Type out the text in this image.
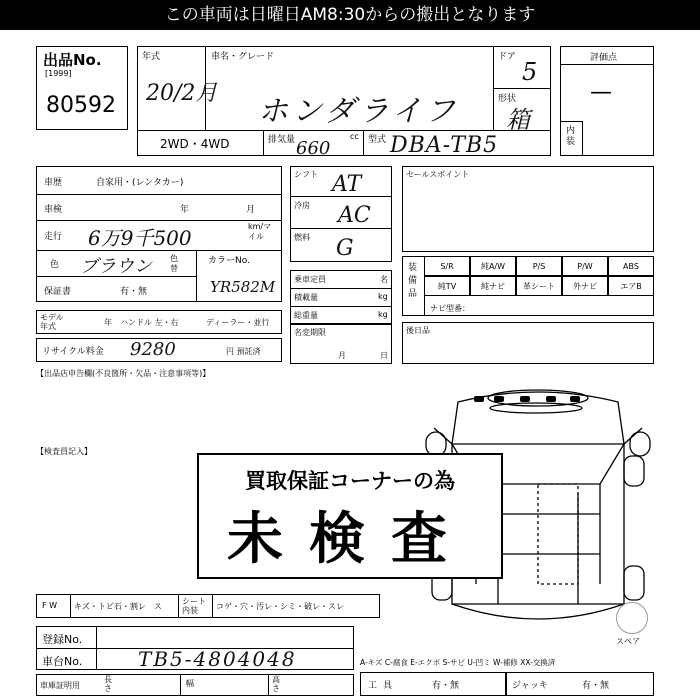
この車両は日曜日AM8:30からの搬出となります
出品No.
[1999]
80592
年式
20/2月
車名・グレード
ホンダライフ
ドア
5
形状
箱
2WD・4WD	排気量 660
cc 型式 DBA-TB5
評価点
—
内装
車歴	自家用・(レンタカー)
車検	年	月
走行 6万9千500	km/マイル
色 ブラウン 色替
カラーNo.
YR582M
保証書	有・無
モデル年式	年 ハンドル 左・右	ディーラー・並行
リサイクル料金 9280	円 預託済
シフト AT
冷房 AC
燃料 G
乗車定員	名
積載量	kg
総重量	kg
名変期限
月	日
セールスポイント
装備品
S/R	純A/W	P/S	P/W	ABS
純TV	純ナビ	革シート	外ナビ	エアB
ナビ型番：
後日品
【出品店申告欄(不良箇所・欠品・注意事項等)】
【検査員記入】
買取保証コーナーの為
未検査
F W キズ・トビ石・割レ　ス
シート内装	コゲ・穴・汚レ・シミ・破レ・スレ
登録No.
車台No.	TB5-4804048
車庫証明用
長さ
幅	高さ
スペア
A-キズ C-腐食 E-エクボ S-サビ U-凹ミ W-補修 XX-交換済
工具	有・無	ジャッキ	有・無
